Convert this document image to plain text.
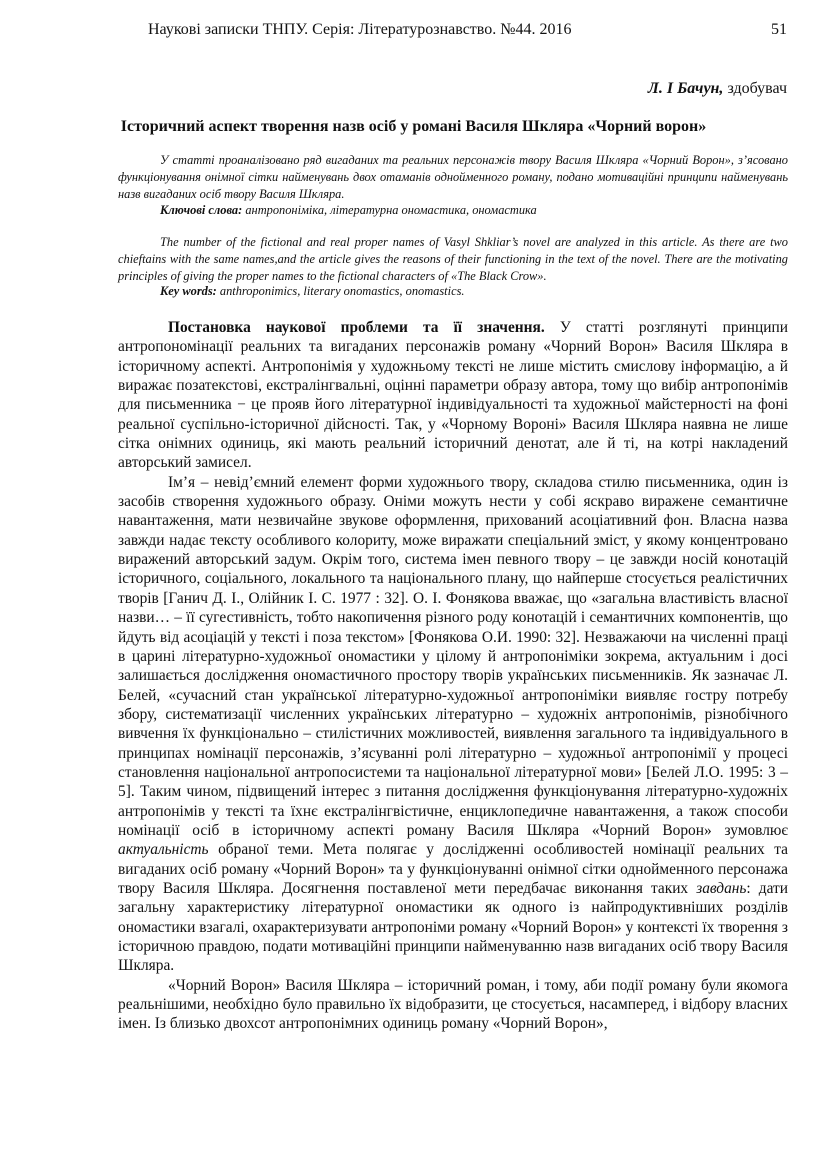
Наукові записки ТНПУ. Серія: Літературознавство. №44. 2016	51
Л. І Бачун, здобувач
Історичний аспект творення назв осіб у романі Василя Шкляра «Чорний ворон»

У статті проаналізовано ряд вигаданих та реальних персонажів твору Василя Шкляра «Чорний Ворон», з’ясовано функціонування онімної сітки найменувань двох отаманів однойменного роману, подано мотиваційні принципи найменувань назв вигаданих осіб твору Василя Шкляра.

Ключові слова: антропоніміка, літературна ономастика, ономастика

The number of the fictional and real proper names of Vasyl Shkliar’s novel are analyzed in this article. As there are two chieftains with the same names,and the article gives the reasons of their functioning in the text of the novel. There are the motivating principles of giving the proper names to the fictional characters of «The Black Crow».

Key words: anthroponimics, literary onomastics, onomastics.

Постановка наукової проблеми та її значення. У статті розглянуті принципи антропономінації реальних та вигаданих персонажів роману «Чорний Ворон» Василя Шкляра в історичному аспекті. Антропонімія у художньому тексті не лише містить смислову інформацію, а й виражає позатекстові, екстралінгвальні, оцінні параметри образу автора, тому що вибір антропонімів для письменника − це прояв його літературної індивідуальності та художньої майстерності на фоні реальної суспільно-історичної дійсності. Так, у «Чорному Вороні» Василя Шкляра наявна не лише сітка онімних одиниць, які мають реальний історичний денотат, але й ті, на котрі накладений авторський замисел.

Ім’я – невід’ємний елемент форми художнього твору, складова стилю письменника, один із засобів створення художнього образу. Оніми можуть нести у собі яскраво виражене семантичне навантаження, мати незвичайне звукове оформлення, прихований асоціативний фон. Власна назва завжди надає тексту особливого колориту, може виражати спеціальний зміст, у якому концентровано виражений авторський задум. Окрім того, система імен певного твору – це завжди носій конотацій історичного, соціального, локального та національного плану, що найперше стосується реалістичних творів [Ганич Д. І., Олійник І. С. 1977 : 32]. О. І. Фонякова вважає, що «загальна властивість власної назви… – її сугестивність, тобто накопичення різного роду конотацій і семантичних компонентів, що йдуть від асоціацій у тексті і поза текстом» [Фонякова О.И. 1990: 32]. Незважаючи на численні праці в царині літературно-художньої ономастики у цілому й антропоніміки зокрема, актуальним і досі залишається дослідження ономастичного простору творів українських письменників. Як зазначає Л. Белей, «сучасний стан української літературно-художньої антропоніміки виявляє гостру потребу збору, систематизації численних українських літературно – художніх антропонімів, різнобічного вивчення їх функціонально – стилістичних можливостей, виявлення загального та індивідуального в принципах номінації персонажів, з’ясуванні ролі літературно – художньої антропонімії у процесі становлення національної антропосистеми та національної літературної мови» [Белей Л.О. 1995: 3 – 5]. Таким чином, підвищений інтерес з питання дослідження функціонування літературно-художніх антропонімів у тексті та їхнє екстралінгвістичне, енциклопедичне навантаження, а також способи номінації осіб в історичному аспекті роману Василя Шкляра «Чорний Ворон» зумовлює актуальність обраної теми. Мета полягає у дослідженні особливостей номінації реальних та вигаданих осіб роману «Чорний Ворон» та у функціонуванні онімної сітки однойменного персонажа твору Василя Шкляра. Досягнення поставленої мети передбачає виконання таких завдань: дати загальну характеристику літературної ономастики як одного із найпродуктивніших розділів ономастики взагалі, охарактеризувати антропоніми роману «Чорний Ворон» у контексті їх творення з історичною правдою, подати мотиваційні принципи найменуванню назв вигаданих осіб твору Василя Шкляра.

«Чорний Ворон» Василя Шкляра – історичний роман, і тому, аби події роману були якомога реальнішими, необхідно було правильно їх відобразити, це стосується, насамперед, і відбору власних імен. Із близько двохсот антропонімних одиниць роману «Чорний Ворон»,
